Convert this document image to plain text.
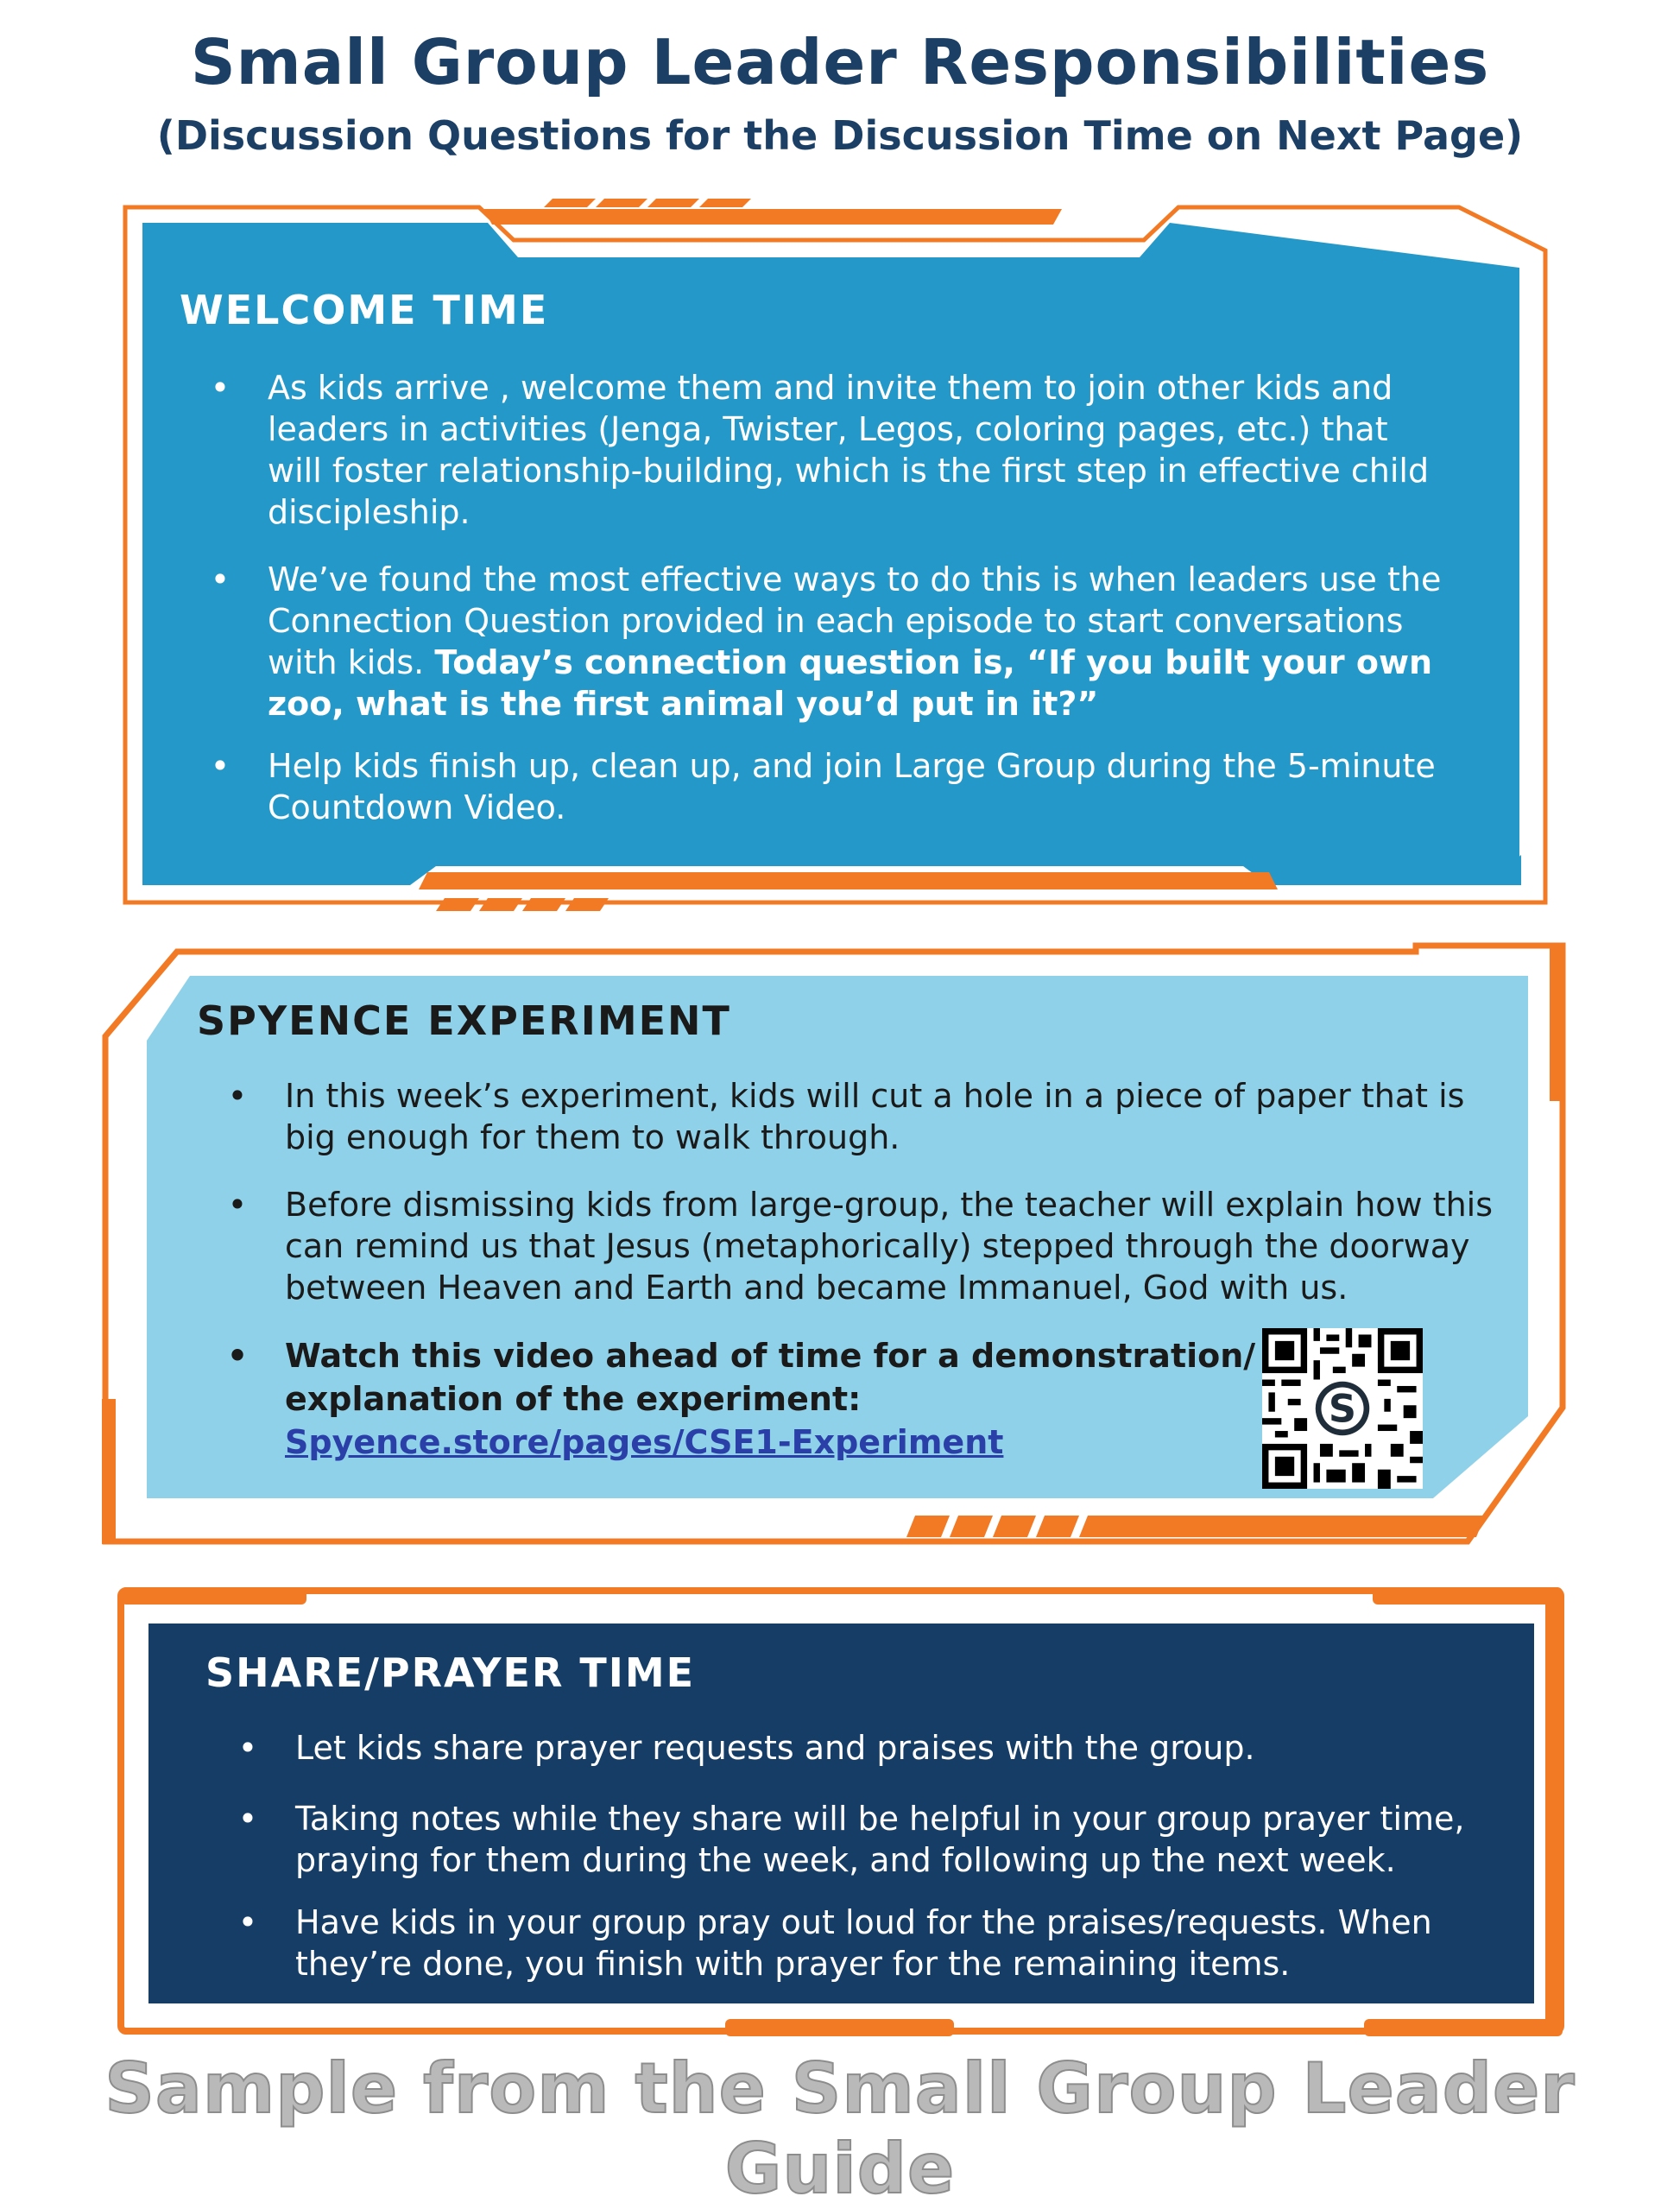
Small Group Leader Responsibilities
(Discussion Questions for the Discussion Time on Next Page)
WELCOME TIME
•	As kids arrive , welcome them and invite them to join other kids and leaders in activities (Jenga, Twister, Legos, coloring pages, etc.) that will foster relationship-building, which is the first step in effective child discipleship.
•	We’ve found the most effective ways to do this is when leaders use the Connection Question provided in each episode to start conversations with kids. Today’s connection question is, “If you built your own zoo, what is the first animal you’d put in it?”
•	Help kids finish up, clean up, and join Large Group during the 5-minute Countdown Video.
SPYENCE EXPERIMENT
•	In this week’s experiment, kids will cut a hole in a piece of paper that is big enough for them to walk through.
•	Before dismissing kids from large-group, the teacher will explain how this can remind us that Jesus (metaphorically) stepped through the doorway between Heaven and Earth and became Immanuel, God with us.
•	Watch this video ahead of time for a demonstration/ explanation of the experiment:
Spyence.store/pages/CSE1-Experiment
S
SHARE/PRAYER TIME
•	Let kids share prayer requests and praises with the group.
•	Taking notes while they share will be helpful in your group prayer time, praying for them during the week, and following up the next week.
•	Have kids in your group pray out loud for the praises/requests. When they’re done, you finish with prayer for the remaining items.
Sample from the Small Group Leader Guide
